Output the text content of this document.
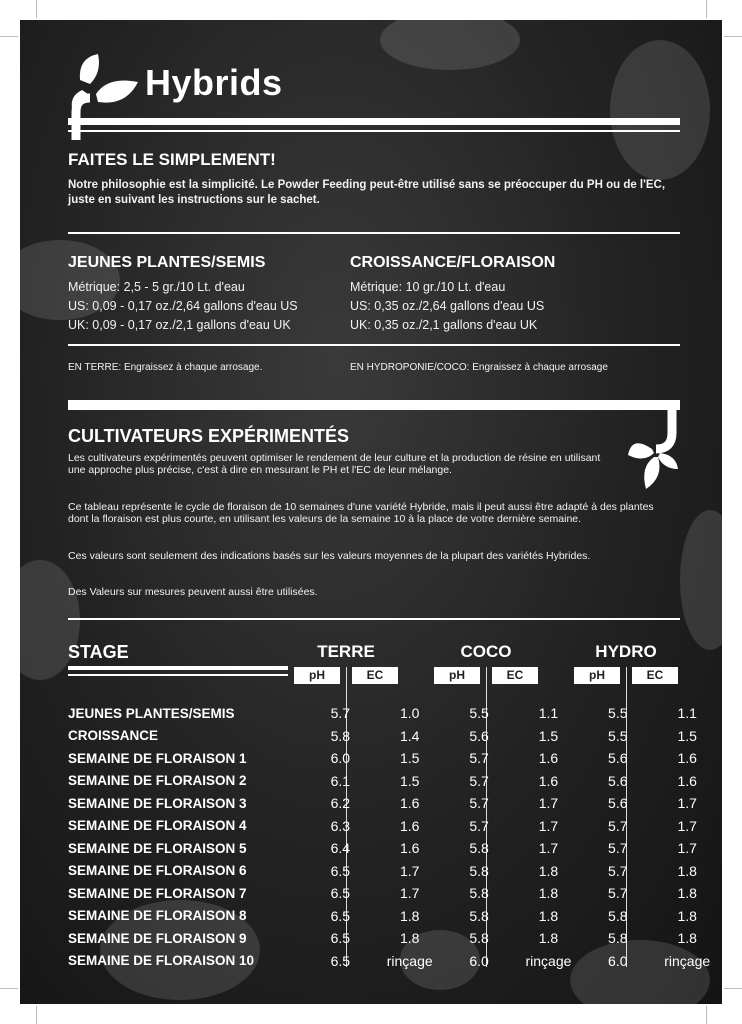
Hybrids
FAITES LE SIMPLEMENT!
Notre philosophie est la simplicité. Le Powder Feeding peut-être utilisé sans se préoccuper du PH ou de l'EC, juste en suivant les instructions sur le sachet.
JEUNES PLANTES/SEMIS
Métrique: 2,5 - 5 gr./10 Lt. d'eau
US: 0,09 - 0,17 oz./2,64 gallons d'eau US
UK: 0,09 - 0,17 oz./2,1 gallons d'eau UK
CROISSANCE/FLORAISON
Métrique: 10 gr./10 Lt. d'eau
US: 0,35 oz./2,64 gallons d'eau US
UK: 0,35 oz./2,1 gallons d'eau UK
EN TERRE: Engraissez à chaque arrosage.	EN HYDROPONIE/COCO: Engraissez à chaque arrosage
CULTIVATEURS EXPÉRIMENTÉS
Les cultivateurs expérimentés peuvent optimiser le rendement de leur culture et la production de résine en utilisant une approche plus précise, c'est à dire en mesurant le PH et l'EC de leur mélange.
Ce tableau représente le cycle de floraison de 10 semaines d'une variété Hybride, mais il peut aussi être adapté à des plantes dont la floraison est plus courte, en utilisant les valeurs de la semaine 10 à la place de votre dernière semaine.
Ces valeurs sont seulement des indications basés sur les valeurs moyennes de la plupart des variétés Hybrides.
Des Valeurs sur mesures peuvent aussi être utilisées.
STAGE	TERRE	COCO	HYDRO
pH	EC	pH	EC	pH	EC
JEUNES PLANTES/SEMIS	5.7	1.0	5.5	1.1	5.5	1.1
CROISSANCE	5.8	1.4	5.6	1.5	5.5	1.5
SEMAINE DE FLORAISON 1	6.0	1.5	5.7	1.6	5.6	1.6
SEMAINE DE FLORAISON 2	6.1	1.5	5.7	1.6	5.6	1.6
SEMAINE DE FLORAISON 3	6.2	1.6	5.7	1.7	5.6	1.7
SEMAINE DE FLORAISON 4	6.3	1.6	5.7	1.7	5.7	1.7
SEMAINE DE FLORAISON 5	6.4	1.6	5.8	1.7	5.7	1.7
SEMAINE DE FLORAISON 6	6.5	1.7	5.8	1.8	5.7	1.8
SEMAINE DE FLORAISON 7	6.5	1.7	5.8	1.8	5.7	1.8
SEMAINE DE FLORAISON 8	6.5	1.8	5.8	1.8	5.8	1.8
SEMAINE DE FLORAISON 9	6.5	1.8	5.8	1.8	5.8	1.8
SEMAINE DE FLORAISON 10	6.5	rinçage	6.0	rinçage	6.0	rinçage
